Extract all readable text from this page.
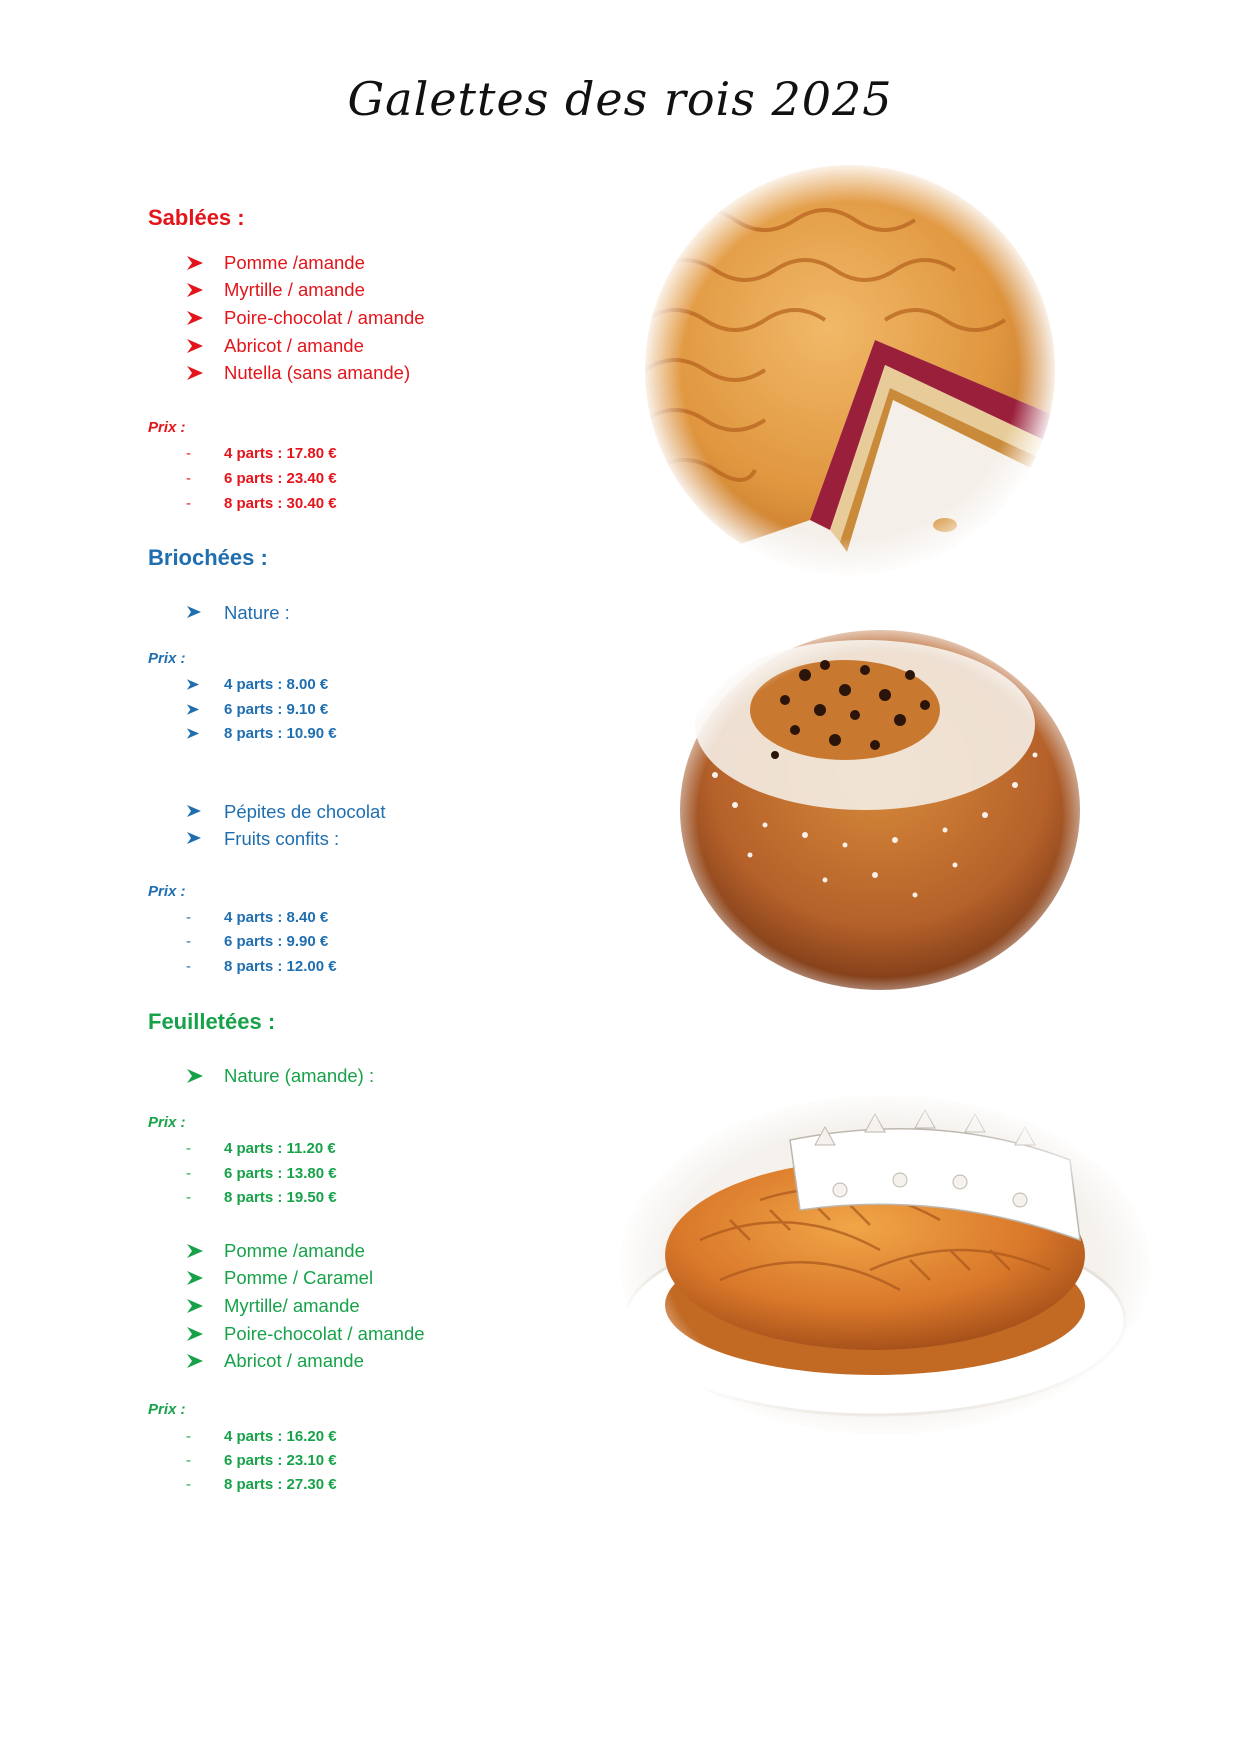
Galettes des rois 2025
Sablées :
Pomme /amande
Myrtille / amande
Poire-chocolat / amande
Abricot / amande
Nutella (sans amande)
Prix :
- 4 parts : 17.80 €
- 6 parts : 23.40 €
- 8 parts : 30.40 €
Briochées :
Nature :
Prix :
4 parts : 8.00 €
6 parts : 9.10 €
8 parts : 10.90 €
Pépites de chocolat
Fruits confits :
Prix :
- 4 parts : 8.40 €
- 6 parts : 9.90 €
- 8 parts : 12.00 €
Feuilletées :
Nature (amande) :
Prix :
- 4 parts : 11.20 €
- 6 parts : 13.80 €
- 8 parts : 19.50 €
Pomme /amande
Pomme / Caramel
Myrtille/ amande
Poire-chocolat / amande
Abricot / amande
Prix :
- 4 parts : 16.20 €
- 6 parts : 23.10 €
- 8 parts : 27.30 €
